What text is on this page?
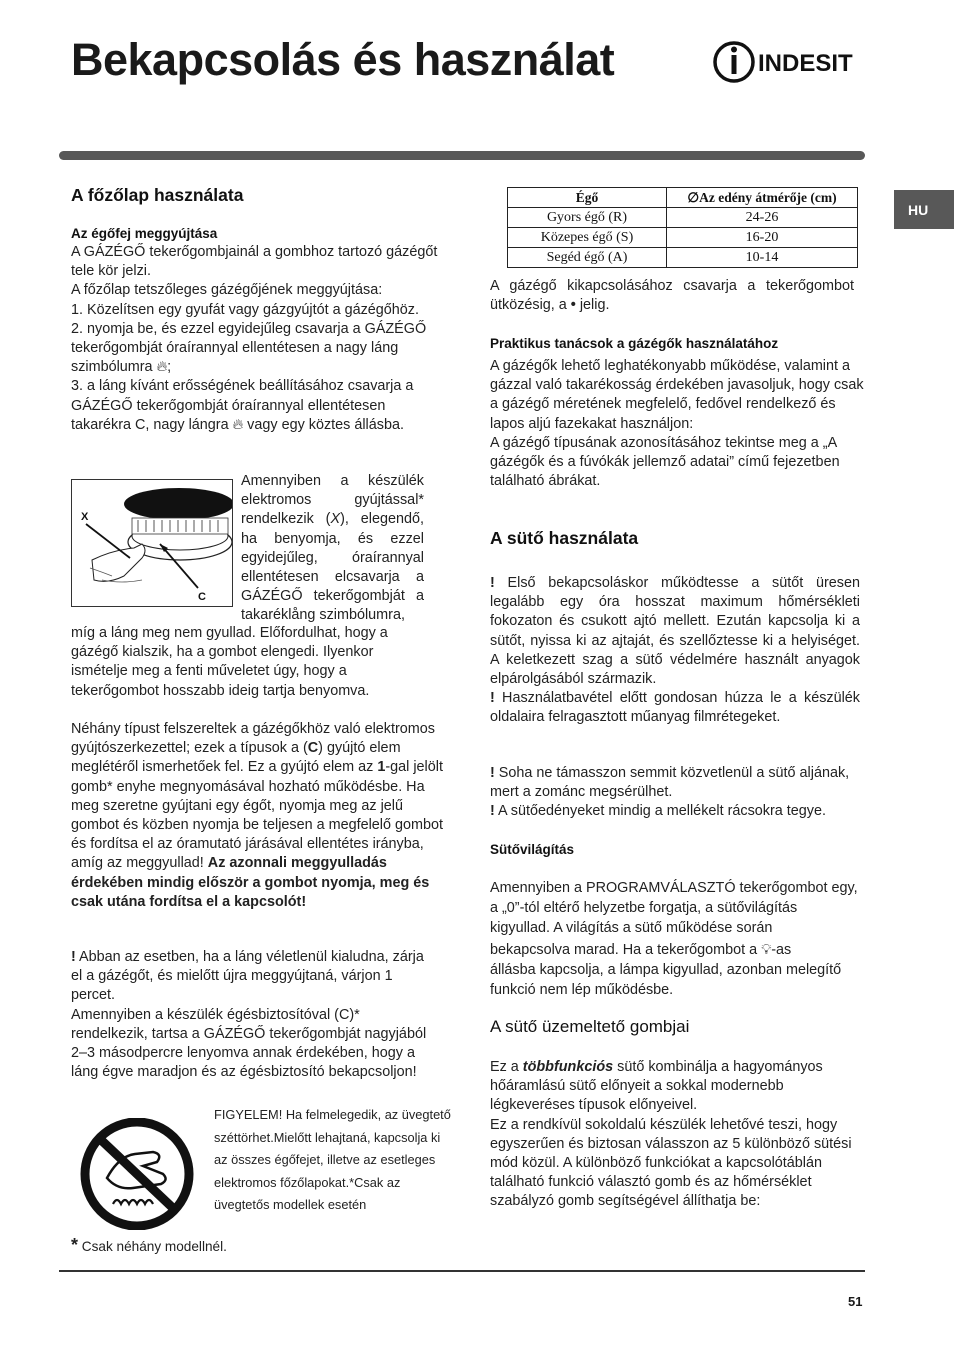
Bekapcsolás és használat	INDESIT
HU
A főzőlap használata
Az égőfej meggyújtása

A GÁZÉGŐ tekerőgombjainál a gombhoz tartozó gázégőt tele kör jelzi.

A főzőlap tetszőleges gázégőjének meggyújtása:

1. Közelítsen egy gyufát vagy gázgyújtót a gázégőhöz.

2. nyomja be, és ezzel egyidejűleg csavarja a GÁZÉGŐ tekerőgombját óraírannyal ellentétesen a nagy láng szimbólumra 🔥︎;

3. a láng kívánt erősségének beállításához csavarja a GÁZÉGŐ tekerőgombját óraírannyal ellentétesen takarékra C, nagy lángra 🔥︎ vagy egy köztes állásba.

X
C

Amennyiben a készülék elektromos gyújtással* rendelkezik (X), elegendő, ha benyomja, és ezzel egyidejűleg, óraírannyal ellentétesen elcsavarja a GÁZÉGŐ tekerőgombját a takaréklång szimbólumra,

míg a láng meg nem gyullad. Előfordulhat, hogy a gázégő kialszik, ha a gombot elengedi. Ilyenkor ismételje meg a fenti műveletet úgy, hogy a tekerőgombot hosszabb ideig tartja benyomva.

Néhány típust felszereltek a gázégőkhöz való elektromos gyújtószerkezettel; ezek a típusok a (C) gyújtó elem meglétéről ismerhetőek fel. Ez a gyújtó elem az 1-gal jelölt gomb* enyhe megnyomásával hozható működésbe. Ha meg szeretne gyújtani egy égőt, nyomja meg az jelű gombot és közben nyomja be teljesen a megfelelő gombot és fordítsa el az óramutató járásával ellentétes irányba, amíg az meggyullad! Az azonnali meggyulladás érdekében mindig először a gombot nyomja, meg és csak utána fordítsa el a kapcsolót!

! Abban az esetben, ha a láng véletlenül kialudna, zárja el a gázégőt, és mielőtt újra meggyújtaná, várjon 1 percet.

Amennyiben a készülék égésbiztosítóval (C)* rendelkezik, tartsa a GÁZÉGŐ tekerőgombját nagyjából 2–3 másodpercre lenyomva annak érdekében, hogy a láng égve maradjon és az égésbiztosító bekapcsoljon!

FIGYELEM! Ha felmelegedik, az üvegtető széttörhet.Mielőtt lehajtaná, kapcsolja ki az összes égőfejet, illetve az esetleges elektromos főzőlapokat.*Csak az üvegtetős modellek esetén
* Csak néhány modellnél.
Égő	∅Az edény átmérője (cm)
Gyors égő (R)	24-26
Közepes égő (S)	16-20
Segéd égő (A)	10-14

A gázégő kikapcsolásához csavarja a tekerőgombot ütközésig, a • jelig.

Praktikus tanácsok a gázégők használatához

A gázégők lehető leghatékonyabb működése, valamint a gázzal való takarékosság érdekében javasoljuk, hogy csak a gázégő méretének megfelelő, fedővel rendelkező és lapos aljú fazekakat használjon:

A gázégő típusának azonosításához tekintse meg a „A gázégők és a fúvókák jellemző adatai” című fejezetben található ábrákat.

A sütő használata

! Első bekapcsoláskor működtesse a sütőt üresen legalább egy óra hosszat maximum hőmérsékleti fokozaton és csukott ajtó mellett. Ezután kapcsolja ki a sütőt, nyissa ki az ajtaját, és szellőztesse ki a helyiséget. A keletkezett szag a sütő védelmére használt anyagok elpárolgásából származik.

! Használatbavétel előtt gondosan húzza le a készülék oldalaira felragasztott műanyag filmrétegeket.

! Soha ne támasszon semmit közvetlenül a sütő aljának, mert a zománc megsérülhet.

! A sütőedényeket mindig a mellékelt rácsokra tegye.

Sütővilágítás

Amennyiben a PROGRAMVÁLASZTÓ tekerőgombot egy, a „0”-tól eltérő helyzetbe forgatja, a sütővilágítás kigyullad. A világítás a sütő működése során

bekapcsolva marad. Ha a tekerőgombot a 💡︎-as

állásba kapcsolja, a lámpa kigyullad, azonban melegítő funkció nem lép működésbe.

A sütő üzemeltető gombjai

Ez a többfunkciós sütő kombinálja a hagyományos hőáramlású sütő előnyeit a sokkal modernebb légkeveréses típusok előnyeivel.

Ez a rendkívül sokoldalú készülék lehetővé teszi, hogy egyszerűen és biztosan válasszon az 5 különböző sütési mód közül. A különböző funkciókat a kapcsolótáblán található funkció választó gomb és az hőmérséklet szabályzó gomb segítségével állíthatja be:

51
